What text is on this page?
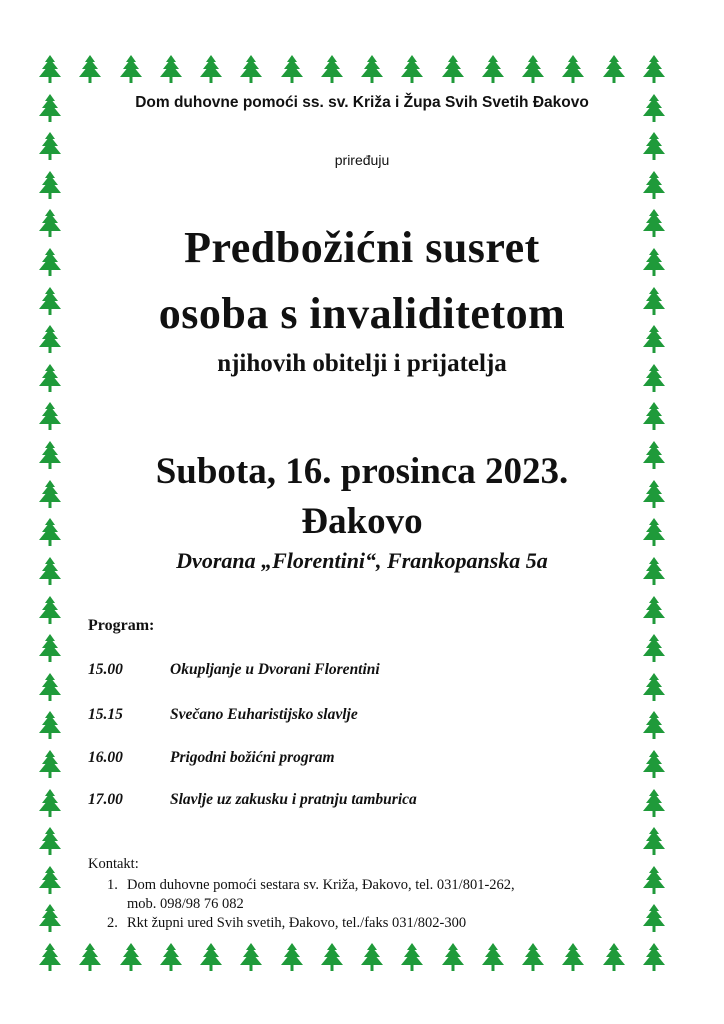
Dom duhovne pomoći ss. sv. Križa i Župa Svih Svetih Đakovo
priređuju
Predbožićni susret
osoba s invaliditetom
njihovih obitelji i prijatelja
Subota, 16. prosinca 2023.
Đakovo
Dvorana „Florentini“, Frankopanska 5a
Program:
15.00	Okupljanje u Dvorani Florentini
15.15	Svečano Euharistijsko slavlje
16.00	Prigodni božićni program
17.00	Slavlje uz zakusku i pratnju tamburica
Kontakt:
1. Dom duhovne pomoći sestara sv. Križa, Đakovo, tel. 031/801-262,
mob. 098/98 76 082
2. Rkt župni ured Svih svetih, Đakovo, tel./faks 031/802-300
